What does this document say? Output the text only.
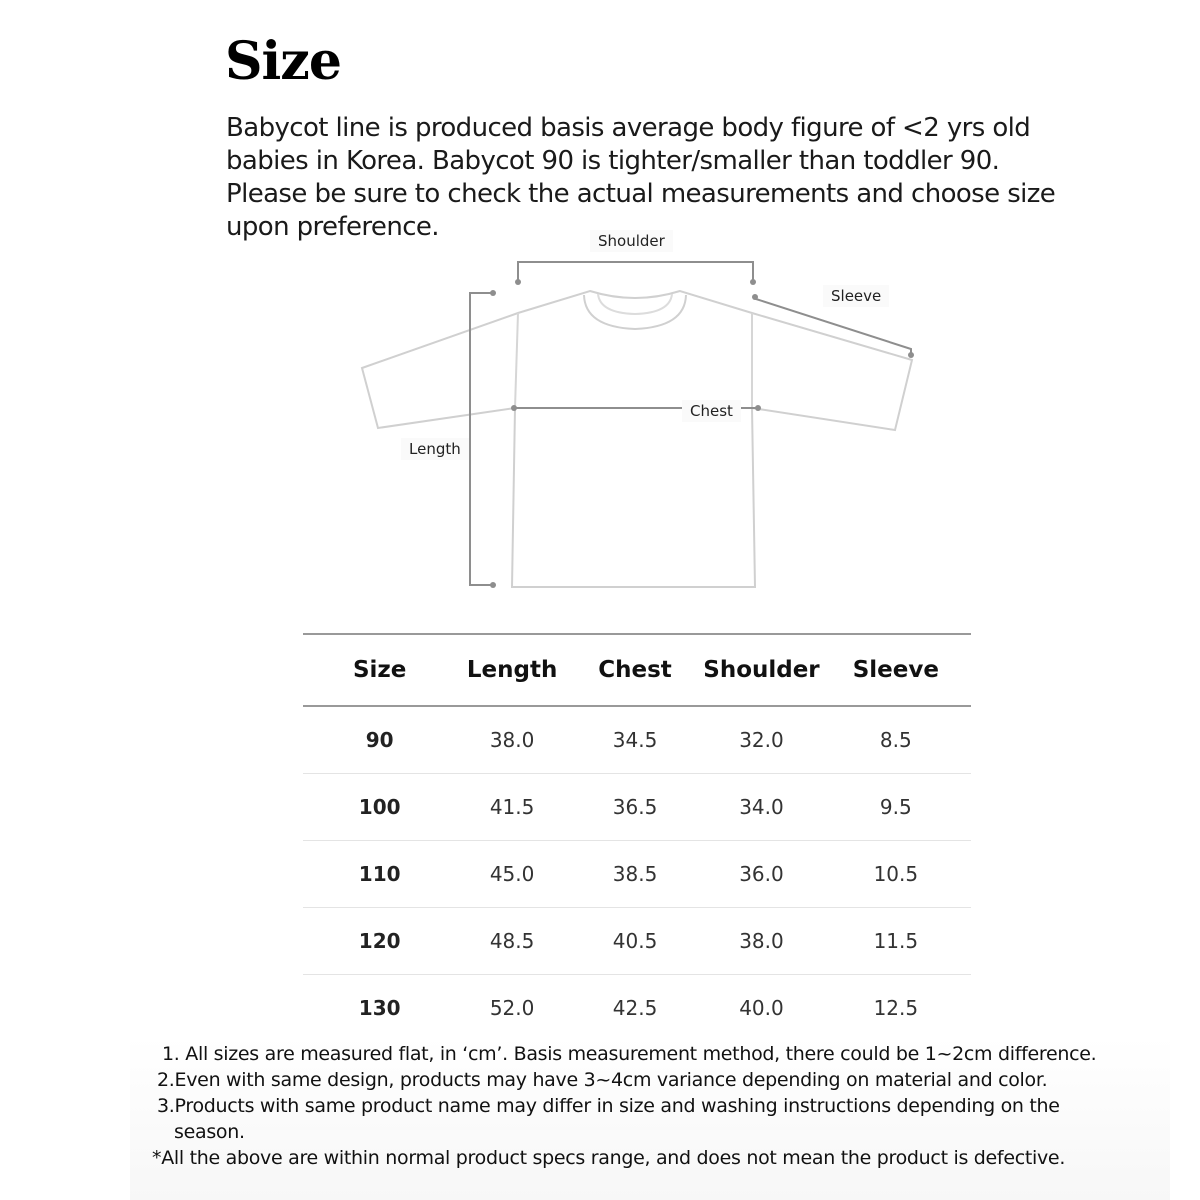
Size

Babycot line is produced basis average body figure of <2 yrs old

babies in Korea. Babycot 90 is tighter/smaller than toddler 90.

Please be sure to check the actual measurements and choose size

upon preference.	Shoulder
Sleeve
Chest
Length
Size	Length	Chest	Shoulder	Sleeve
90	38.0	34.5	32.0	8.5
100	41.5	36.5	34.0	9.5
110	45.0	38.5	36.0	10.5
120	48.5	40.5	38.0	11.5
130	52.0	42.5	40.0	12.5
1. All sizes are measured flat, in ‘cm’. Basis measurement method, there could be 1~2cm difference.
2.Even with same design, products may have 3~4cm variance depending on material and color.
3.Products with same product name may differ in size and washing instructions depending on the
season.
*All the above are within normal product specs range, and does not mean the product is defective.
